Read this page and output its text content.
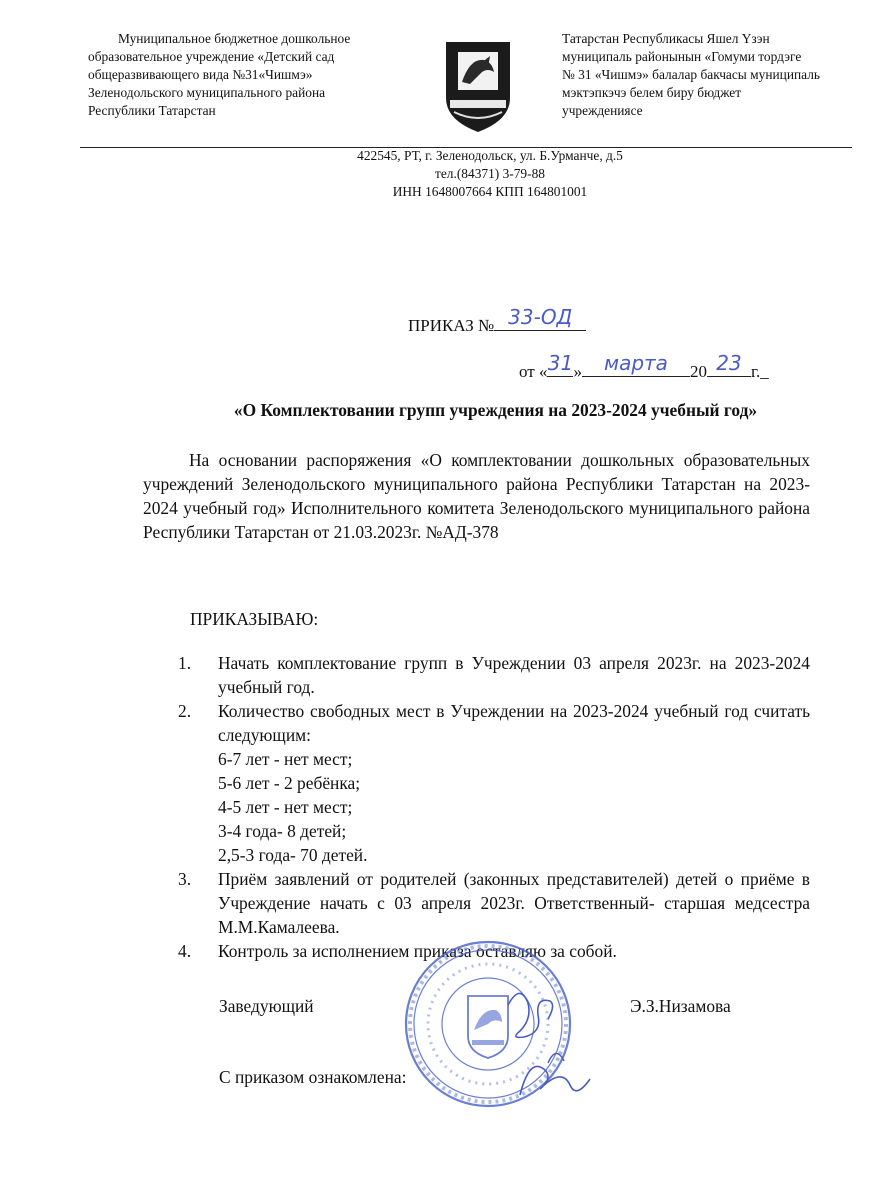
Муниципальное бюджетное дошкольное
образовательное учреждение «Детский сад
общеразвивающего вида №31«Чишмэ»
Зеленодольского муниципального района
Республики Татарстан
Татарстан Республикасы Яшел Үзэн
муниципаль районынын «Гомуми тордэге
№ 31 «Чишмэ» балалар бакчасы муниципаль
мэктэпкэчэ белем биру бюджет
учреждениясе
422545, РТ, г. Зеленодольск, ул. Б.Урманче, д.5
тел.(84371) 3-79-88
ИНН 1648007664 КПП 164801001
ПРИКАЗ № 33-ОД
от « 31 »	марта	20 23 г._
«О Комплектовании групп учреждения на 2023-2024 учебный год»

На основании распоряжения «О комплектовании дошкольных образовательных учреждений Зеленодольского муниципального района Республики Татарстан на 2023-2024 учебный год» Исполнительного комитета Зеленодольского муниципального района Республики Татарстан от 21.03.2023г. №АД-378

ПРИКАЗЫВАЮ:
1. Начать комплектование групп в Учреждении 03 апреля 2023г. на 2023-2024 учебный год.
2. Количество свободных мест в Учреждении на 2023-2024 учебный год считать следующим:
6-7 лет - нет мест;
5-6 лет - 2 ребёнка;
4-5 лет - нет мест;
3-4 года- 8 детей;
2,5-3 года- 70 детей.
3. Приём заявлений от родителей (законных представителей) детей о приёме в Учреждение начать с 03 апреля 2023г. Ответственный- старшая медсестра М.М.Камалеева.
4. Контроль за исполнением приказа оставляю за собой.
Заведующий	Э.З.Низамова
С приказом ознакомлена:
